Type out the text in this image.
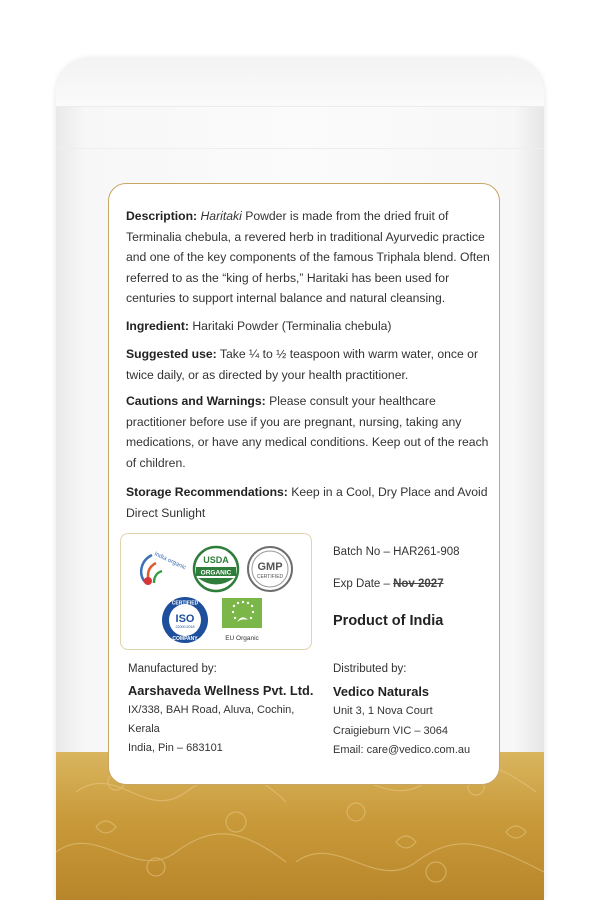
Description: Haritaki Powder is made from the dried fruit of Terminalia chebula, a revered herb in traditional Ayurvedic practice and one of the key components of the famous Triphala blend. Often referred to as the “king of herbs,” Haritaki has been used for centuries to support internal balance and natural cleansing.
Ingredient: Haritaki Powder (Terminalia chebula)
Suggested use: Take ¼ to ½ teaspoon with warm water, once or twice daily, or as directed by your health practitioner.
Cautions and Warnings: Please consult your healthcare practitioner before use if you are pregnant, nursing, taking any medications, or have any medical conditions. Keep out of the reach of children.
Storage Recommendations: Keep in a Cool, Dry Place and Avoid Direct Sunlight
India organic USDA
ORGANIC GMP
CERTIFIED
CERTIFIED
ISO
22000:2018
COMPANY	EU Organic
Batch No – HAR261-908
Exp Date – Nov 2027
Product of India
Manufactured by:
Aarshaveda Wellness Pvt. Ltd.
IX/338, BAH Road, Aluva, Cochin, Kerala
India, Pin – 683101
Distributed by:
Vedico Naturals
Unit 3, 1 Nova Court
Craigieburn VIC – 3064
Email: care@vedico.com.au
